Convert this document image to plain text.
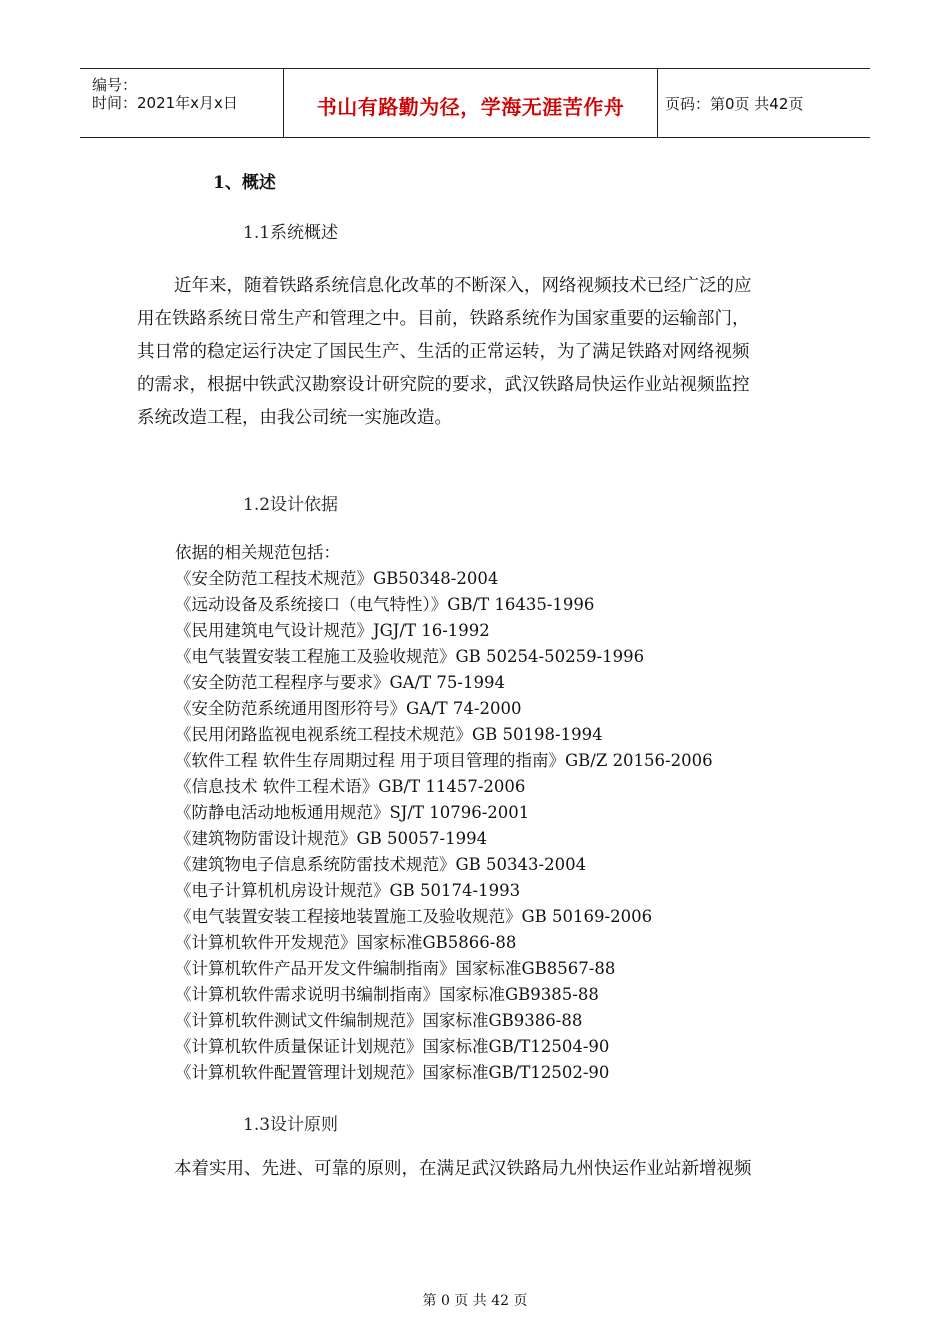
编号：
时间：2021年x月x日	书山有路勤为径，学海无涯苦作舟	页码：第0页 共42页
1、概述
1.1系统概述
近年来，随着铁路系统信息化改革的不断深入，网络视频技术已经广泛的应
用在铁路系统日常生产和管理之中。目前，铁路系统作为国家重要的运输部门，
其日常的稳定运行决定了国民生产、生活的正常运转，为了满足铁路对网络视频
的需求，根据中铁武汉勘察设计研究院的要求，武汉铁路局快运作业站视频监控
系统改造工程，由我公司统一实施改造。
1.2设计依据
依据的相关规范包括：
《安全防范工程技术规范》GB50348-2004
《远动设备及系统接口（电气特性）》GB/T 16435-1996
《民用建筑电气设计规范》JGJ/T 16-1992
《电气装置安装工程施工及验收规范》GB 50254-50259-1996
《安全防范工程程序与要求》GA/T 75-1994
《安全防范系统通用图形符号》GA/T 74-2000
《民用闭路监视电视系统工程技术规范》GB 50198-1994
《软件工程 软件生存周期过程 用于项目管理的指南》GB/Z 20156-2006
《信息技术 软件工程术语》GB/T 11457-2006
《防静电活动地板通用规范》SJ/T 10796-2001
《建筑物防雷设计规范》GB 50057-1994
《建筑物电子信息系统防雷技术规范》GB 50343-2004
《电子计算机机房设计规范》GB 50174-1993
《电气装置安装工程接地装置施工及验收规范》GB 50169-2006
《计算机软件开发规范》国家标准GB5866-88
《计算机软件产品开发文件编制指南》国家标准GB8567-88
《计算机软件需求说明书编制指南》国家标准GB9385-88
《计算机软件测试文件编制规范》国家标准GB9386-88
《计算机软件质量保证计划规范》国家标准GB/T12504-90
《计算机软件配置管理计划规范》国家标准GB/T12502-90
1.3设计原则
本着实用、先进、可靠的原则，在满足武汉铁路局九州快运作业站新增视频
第 0 页 共 42 页
